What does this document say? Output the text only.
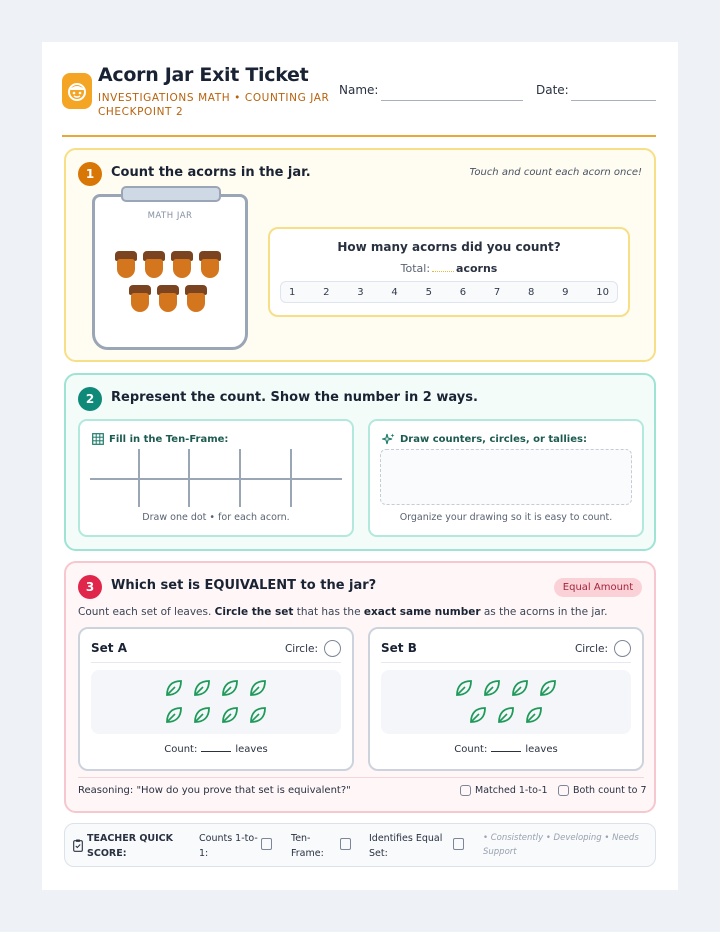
Acorn Jar Exit Ticket
INVESTIGATIONS MATH • COUNTING JAR CHECKPOINT 2
Name:	Date:
1	Count the acorns in the jar.	Touch and count each acorn once!
MATH JAR
How many acorns did you count?
Total: acorns
1	2	3	4	5	6	7	8	9	10
2	Represent the count. Show the number in 2 ways.
Fill in the Ten-Frame:
Draw one dot • for each acorn.
Draw counters, circles, or tallies:
Organize your drawing so it is easy to count.
3	Which set is EQUIVALENT to the jar?	Equal Amount
Count each set of leaves. Circle the set that has the exact same number as the acorns in the jar.
Set A	Circle:
Count:	leaves
Set B	Circle:
Count:	leaves
Reasoning: "How do you prove that set is equivalent?"	Matched 1-to-1	Both count to 7
TEACHER QUICK
SCORE:
Counts 1-to-
1:
Ten-
Frame:
Identifies Equal
Set:
• Consistently • Developing • Needs
Support
